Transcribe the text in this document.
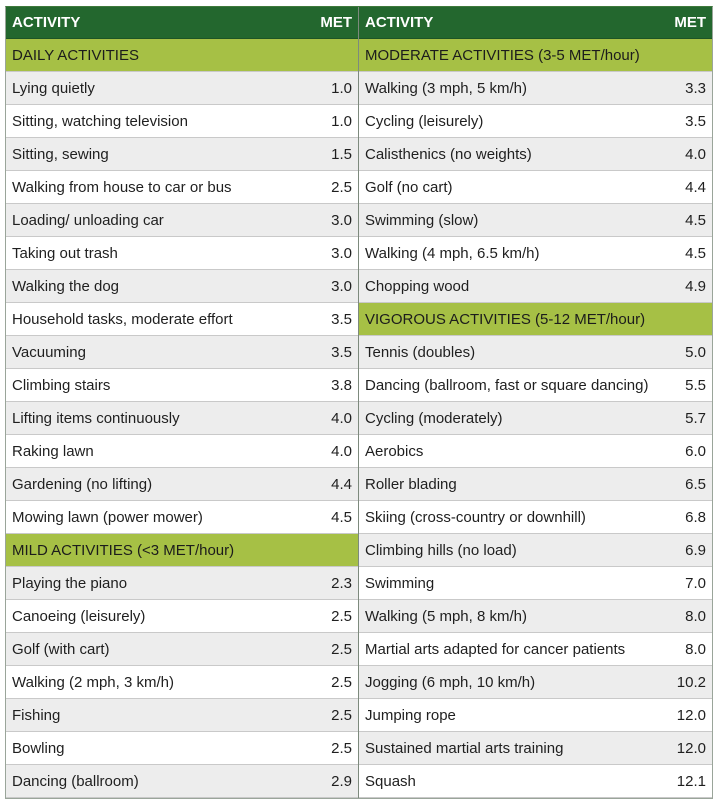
ACTIVITY	MET
DAILY ACTIVITIES
Lying quietly	1.0
Sitting, watching television	1.0
Sitting, sewing	1.5
Walking from house to car or bus	2.5
Loading/ unloading car	3.0
Taking out trash	3.0
Walking the dog	3.0
Household tasks, moderate effort	3.5
Vacuuming	3.5
Climbing stairs	3.8
Lifting items continuously	4.0
Raking lawn	4.0
Gardening (no lifting)	4.4
Mowing lawn (power mower)	4.5
MILD ACTIVITIES (<3 MET/hour)
Playing the piano	2.3
Canoeing (leisurely)	2.5
Golf (with cart)	2.5
Walking (2 mph, 3 km/h)	2.5
Fishing	2.5
Bowling	2.5
Dancing (ballroom)	2.9
ACTIVITY	MET
MODERATE ACTIVITIES (3-5 MET/hour)
Walking (3 mph, 5 km/h)	3.3
Cycling (leisurely)	3.5
Calisthenics (no weights)	4.0
Golf (no cart)	4.4
Swimming (slow)	4.5
Walking (4 mph, 6.5 km/h)	4.5
Chopping wood	4.9
VIGOROUS ACTIVITIES (5-12 MET/hour)
Tennis (doubles)	5.0
Dancing (ballroom, fast or square dancing) 5.5
Cycling (moderately)	5.7
Aerobics	6.0
Roller blading	6.5
Skiing (cross-country or downhill)	6.8
Climbing hills (no load)	6.9
Swimming	7.0
Walking (5 mph, 8 km/h)	8.0
Martial arts adapted for cancer patients	8.0
Jogging (6 mph, 10 km/h)	10.2
Jumping rope	12.0
Sustained martial arts training	12.0
Squash	12.1
